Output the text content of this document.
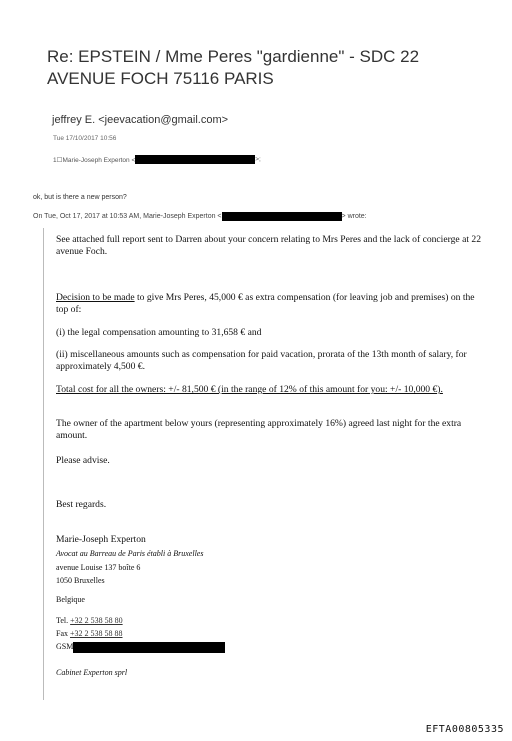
Re: EPSTEIN / Mme Peres "gardienne" - SDC 22 AVENUE FOCH 75116 PARIS
jeffrey E. <jeevacation@gmail.com>
Tue 17/10/2017 10:56
1☐Marie-Joseph Experton <	>;
ok, but is there a new person?
On Tue, Oct 17, 2017 at 10:53 AM, Marie-Joseph Experton <	> wrote:
See attached full report sent to Darren about your concern relating to Mrs Peres and the lack of concierge at 22 avenue Foch.
Decision to be made to give Mrs Peres, 45,000 € as extra compensation (for leaving job and premises) on the top of:
(i) the legal compensation amounting to 31,658 € and
(ii) miscellaneous amounts such as compensation for paid vacation, prorata of the 13th month of salary, for approximately 4,500 €.
Total cost for all the owners: +/- 81,500 € (in the range of 12% of this amount for you: +/- 10,000 €).
The owner of the apartment below yours (representing approximately 16%) agreed last night for the extra amount.
Please advise.
Best regards.
Marie-Joseph Experton
Avocat au Barreau de Paris établi à Bruxelles
avenue Louise 137 boîte 6
1050 Bruxelles
Belgique
Tel. +32 2 538 58 80
Fax +32 2 538 58 88
GSM
Cabinet Experton sprl
EFTA00805335
